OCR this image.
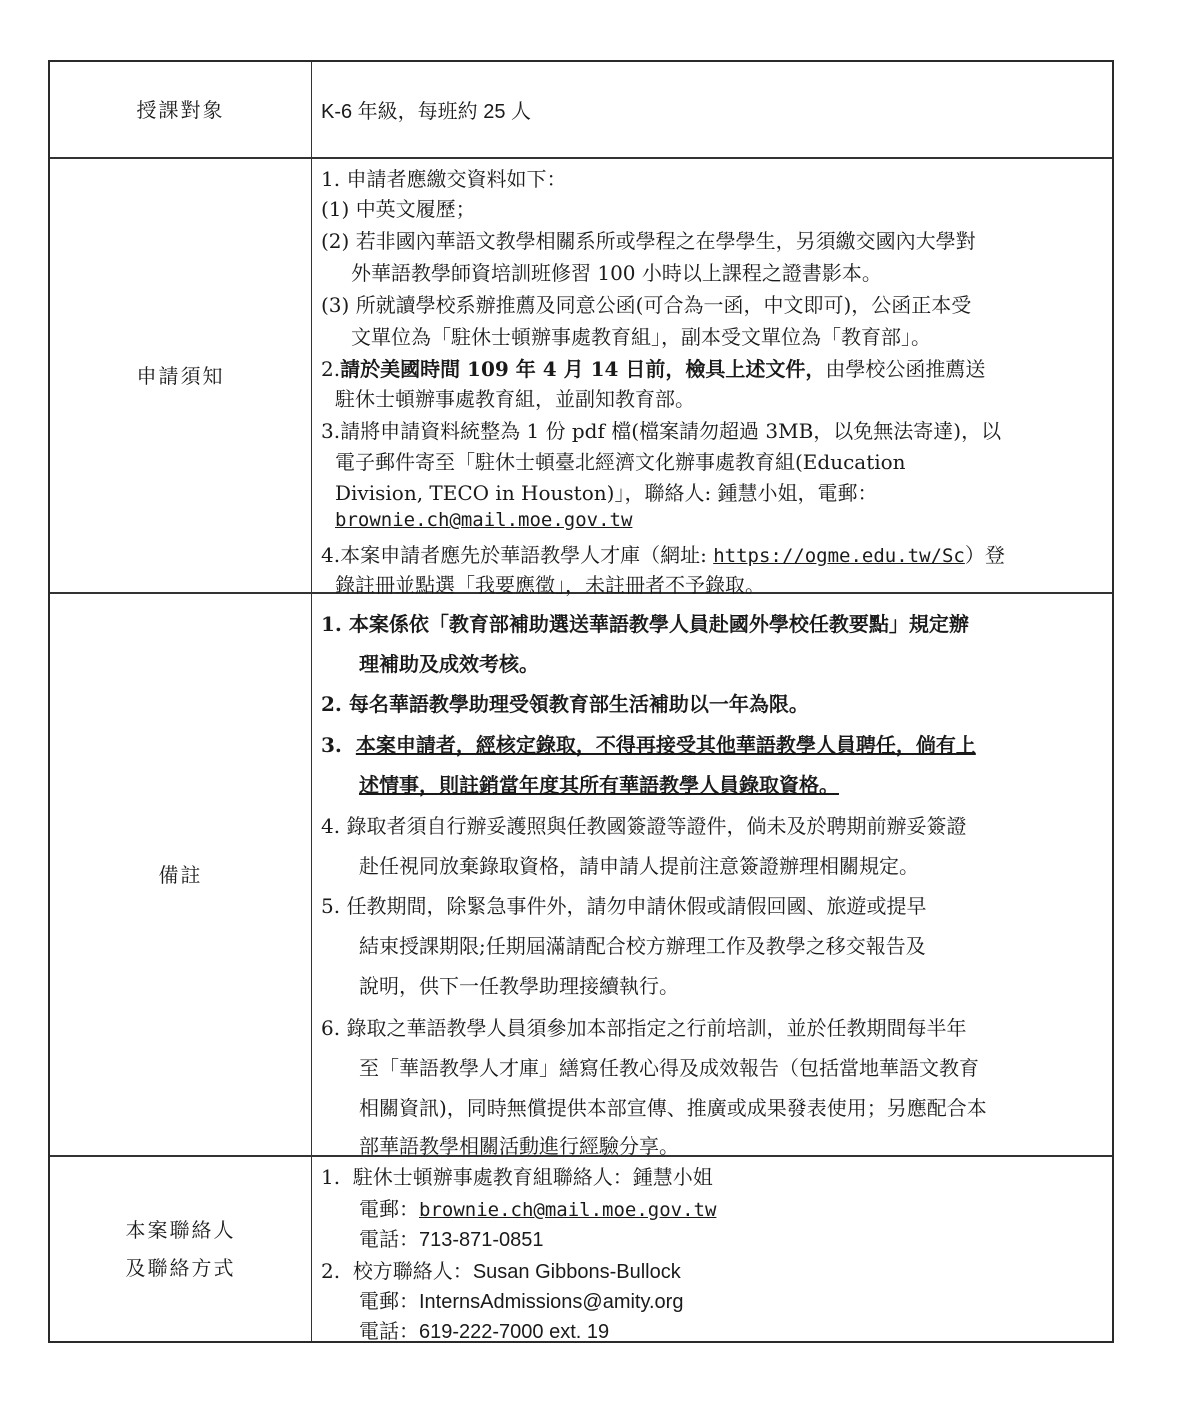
授課對象	K-6 年級，每班約 25 人
申請須知
1. 申請者應繳交資料如下：
(1) 中英文履歷；
(2) 若非國內華語文教學相關系所或學程之在學學生，另須繳交國內大學對
外華語教學師資培訓班修習 100 小時以上課程之證書影本。
(3) 所就讀學校系辦推薦及同意公函(可合為一函，中文即可)，公函正本受
文單位為「駐休士頓辦事處教育組」，副本受文單位為「教育部」。
2.請於美國時間 109 年 4 月 14 日前，檢具上述文件，由學校公函推薦送
駐休士頓辦事處教育組，並副知教育部。
3.請將申請資料統整為 1 份 pdf 檔(檔案請勿超過 3MB，以免無法寄達)，以
電子郵件寄至「駐休士頓臺北經濟文化辦事處教育組(Education
Division, TECO in Houston)」，聯絡人: 鍾慧小姐，電郵：
brownie.ch@mail.moe.gov.tw
4.本案申請者應先於華語教學人才庫（網址: https://ogme.edu.tw/Sc）登
錄註冊並點選「我要應徵」，未註冊者不予錄取。
備註
1. 本案係依「教育部補助選送華語教學人員赴國外學校任教要點」規定辦
理補助及成效考核。
2. 每名華語教學助理受領教育部生活補助以一年為限。
3. 本案申請者，經核定錄取，不得再接受其他華語教學人員聘任，倘有上
述情事，則註銷當年度其所有華語教學人員錄取資格。
4. 錄取者須自行辦妥護照與任教國簽證等證件，倘未及於聘期前辦妥簽證
赴任視同放棄錄取資格，請申請人提前注意簽證辦理相關規定。
5. 任教期間，除緊急事件外，請勿申請休假或請假回國、旅遊或提早
結束授課期限;任期屆滿請配合校方辦理工作及教學之移交報告及
說明，供下一任教學助理接續執行。
6. 錄取之華語教學人員須參加本部指定之行前培訓，並於任教期間每半年
至「華語教學人才庫」繕寫任教心得及成效報告（包括當地華語文教育
相關資訊)，同時無償提供本部宣傳、推廣或成果發表使用；另應配合本
部華語教學相關活動進行經驗分享。
本案聯絡人
及聯絡方式
1. 駐休士頓辦事處教育組聯絡人：鍾慧小姐
電郵：brownie.ch@mail.moe.gov.tw
電話：713-871-0851
2. 校方聯絡人：Susan Gibbons-Bullock
電郵：InternsAdmissions@amity.org
電話：619-222-7000 ext. 19
